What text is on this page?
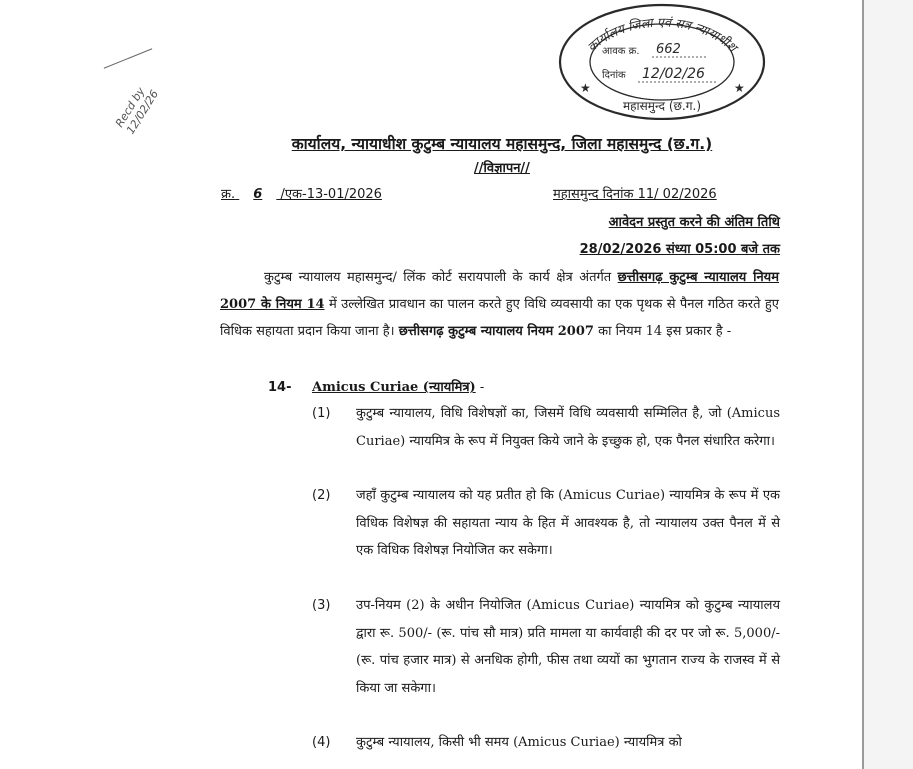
Recd by 12/02/26
कार्यालय जिला एवं सत्र न्यायाधीश
आवक क्र. 662
दिनांक 12/02/26
महासमुन्द (छ.ग.)
★	★
कार्यालय, न्यायाधीश कुटुम्ब न्यायालय महासमुन्द, जिला महासमुन्द (छ.ग.)
//विज्ञापन//
क्र. 6 /एक-13-01/2026	महासमुन्द दिनांक 11/ 02/2026
आवेदन प्रस्तुत करने की अंतिम तिथि
28/02/2026 संध्या 05:00 बजे तक
कुटुम्ब न्यायालय महासमुन्द/ लिंक कोर्ट सरायपाली के कार्य क्षेत्र अंतर्गत छत्तीसगढ़ कुटुम्ब न्यायालय नियम 2007 के नियम 14 में उल्लेखित प्रावधान का पालन करते हुए विधि व्यवसायी का एक पृथक से पैनल गठित करते हुए विधिक सहायता प्रदान किया जाना है। छत्तीसगढ़ कुटुम्ब न्यायालय नियम 2007 का नियम 14 इस प्रकार है -
14- Amicus Curiae (न्यायमित्र) -
(1) कुटुम्ब न्यायालय, विधि विशेषज्ञों का, जिसमें विधि व्यवसायी सम्मिलित है, जो (Amicus Curiae) न्यायमित्र के रूप में नियुक्त किये जाने के इच्छुक हो, एक पैनल संधारित करेगा।
(2) जहाँ कुटुम्ब न्यायालय को यह प्रतीत हो कि (Amicus Curiae) न्यायमित्र के रूप में एक विधिक विशेषज्ञ की सहायता न्याय के हित में आवश्यक है, तो न्यायालय उक्त पैनल में से एक विधिक विशेषज्ञ नियोजित कर सकेगा।
(3) उप-नियम (2) के अधीन नियोजित (Amicus Curiae) न्यायमित्र को कुटुम्ब न्यायालय द्वारा रू. 500/- (रू. पांच सौ मात्र) प्रति मामला या कार्यवाही की दर पर जो रू. 5,000/- (रू. पांच हजार मात्र) से अनधिक होगी, फीस तथा व्ययों का भुगतान राज्य के राजस्व में से किया जा सकेगा।
(4) कुटुम्ब न्यायालय, किसी भी समय (Amicus Curiae) न्यायमित्र को
